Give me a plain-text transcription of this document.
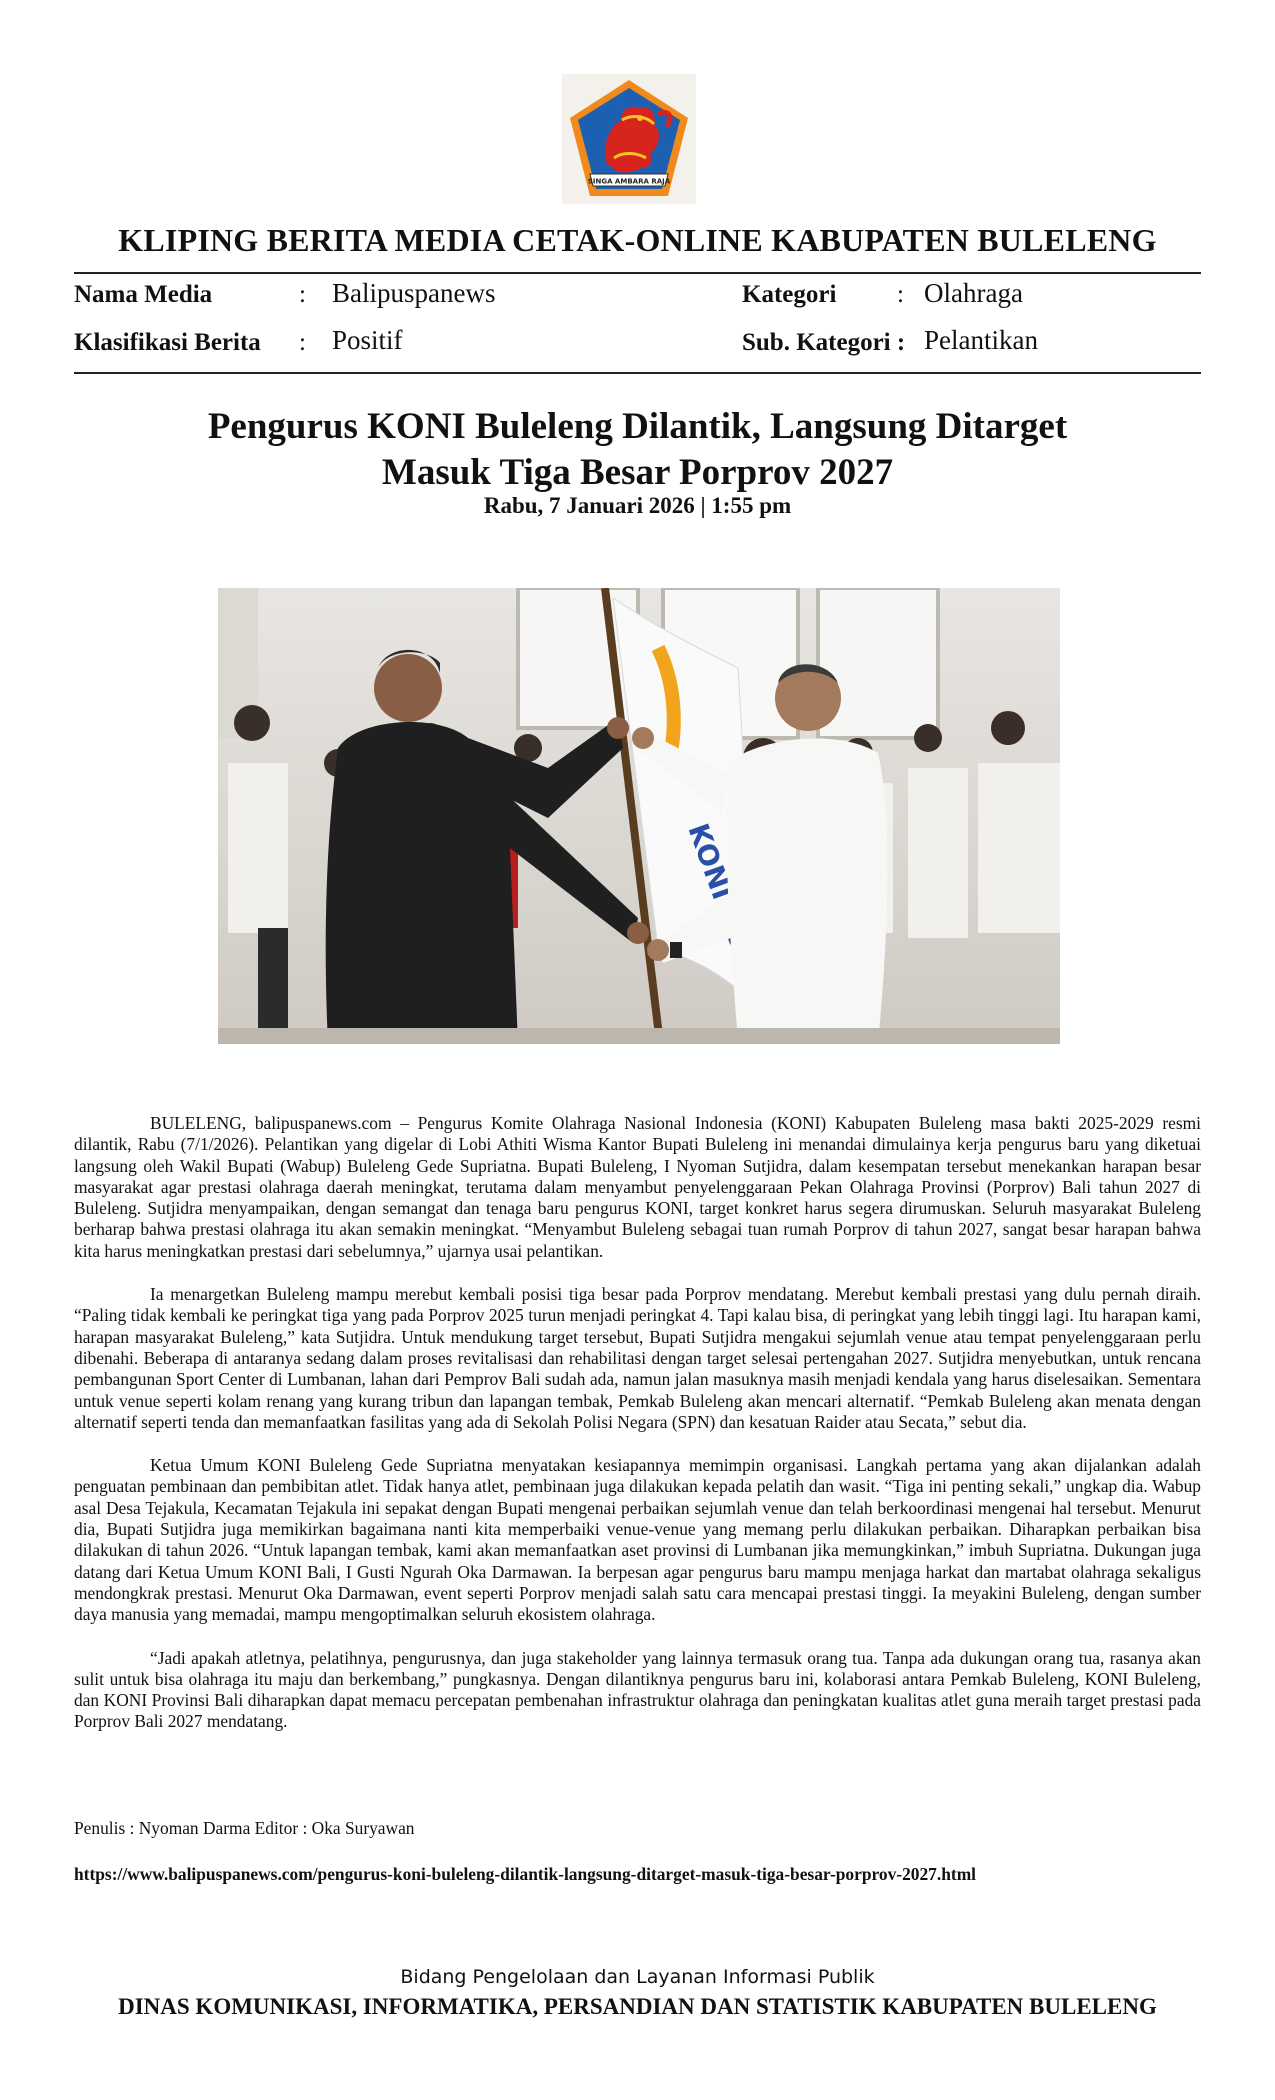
SINGA AMBARA RAJA
KLIPING BERITA MEDIA CETAK-ONLINE KABUPATEN BULELENG
Nama Media	: Balipuspanews	Kategori : Olahraga
Klasifikasi Berita : Positif	Sub. Kategori : Pelantikan
Pengurus KONI Buleleng Dilantik, Langsung Ditarget
Masuk Tiga Besar Porprov 2027
Rabu, 7 Januari 2026 | 1:55 pm
KONI

BULELENG, balipuspanews.com – Pengurus Komite Olahraga Nasional Indonesia (KONI) Kabupaten Buleleng masa bakti 2025-2029 resmi dilantik, Rabu (7/1/2026). Pelantikan yang digelar di Lobi Athiti Wisma Kantor Bupati Buleleng ini menandai dimulainya kerja pengurus baru yang diketuai langsung oleh Wakil Bupati (Wabup) Buleleng Gede Supriatna. Bupati Buleleng, I Nyoman Sutjidra, dalam kesempatan tersebut menekankan harapan besar masyarakat agar prestasi olahraga daerah meningkat, terutama dalam menyambut penyelenggaraan Pekan Olahraga Provinsi (Porprov) Bali tahun 2027 di Buleleng. Sutjidra menyampaikan, dengan semangat dan tenaga baru pengurus KONI, target konkret harus segera dirumuskan. Seluruh masyarakat Buleleng berharap bahwa prestasi olahraga itu akan semakin meningkat. “Menyambut Buleleng sebagai tuan rumah Porprov di tahun 2027, sangat besar harapan bahwa kita harus meningkatkan prestasi dari sebelumnya,” ujarnya usai pelantikan.

Ia menargetkan Buleleng mampu merebut kembali posisi tiga besar pada Porprov mendatang. Merebut kembali prestasi yang dulu pernah diraih. “Paling tidak kembali ke peringkat tiga yang pada Porprov 2025 turun menjadi peringkat 4. Tapi kalau bisa, di peringkat yang lebih tinggi lagi. Itu harapan kami, harapan masyarakat Buleleng,” kata Sutjidra. Untuk mendukung target tersebut, Bupati Sutjidra mengakui sejumlah venue atau tempat penyelenggaraan perlu dibenahi. Beberapa di antaranya sedang dalam proses revitalisasi dan rehabilitasi dengan target selesai pertengahan 2027. Sutjidra menyebutkan, untuk rencana pembangunan Sport Center di Lumbanan, lahan dari Pemprov Bali sudah ada, namun jalan masuknya masih menjadi kendala yang harus diselesaikan. Sementara untuk venue seperti kolam renang yang kurang tribun dan lapangan tembak, Pemkab Buleleng akan mencari alternatif. “Pemkab Buleleng akan menata dengan alternatif seperti tenda dan memanfaatkan fasilitas yang ada di Sekolah Polisi Negara (SPN) dan kesatuan Raider atau Secata,” sebut dia.

Ketua Umum KONI Buleleng Gede Supriatna menyatakan kesiapannya memimpin organisasi. Langkah pertama yang akan dijalankan adalah penguatan pembinaan dan pembibitan atlet. Tidak hanya atlet, pembinaan juga dilakukan kepada pelatih dan wasit. “Tiga ini penting sekali,” ungkap dia. Wabup asal Desa Tejakula, Kecamatan Tejakula ini sepakat dengan Bupati mengenai perbaikan sejumlah venue dan telah berkoordinasi mengenai hal tersebut. Menurut dia, Bupati Sutjidra juga memikirkan bagaimana nanti kita memperbaiki venue-venue yang memang perlu dilakukan perbaikan. Diharapkan perbaikan bisa dilakukan di tahun 2026. “Untuk lapangan tembak, kami akan memanfaatkan aset provinsi di Lumbanan jika memungkinkan,” imbuh Supriatna. Dukungan juga datang dari Ketua Umum KONI Bali, I Gusti Ngurah Oka Darmawan. Ia berpesan agar pengurus baru mampu menjaga harkat dan martabat olahraga sekaligus mendongkrak prestasi. Menurut Oka Darmawan, event seperti Porprov menjadi salah satu cara mencapai prestasi tinggi. Ia meyakini Buleleng, dengan sumber daya manusia yang memadai, mampu mengoptimalkan seluruh ekosistem olahraga.

“Jadi apakah atletnya, pelatihnya, pengurusnya, dan juga stakeholder yang lainnya termasuk orang tua. Tanpa ada dukungan orang tua, rasanya akan sulit untuk bisa olahraga itu maju dan berkembang,” pungkasnya. Dengan dilantiknya pengurus baru ini, kolaborasi antara Pemkab Buleleng, KONI Buleleng, dan KONI Provinsi Bali diharapkan dapat memacu percepatan pembenahan infrastruktur olahraga dan peningkatan kualitas atlet guna meraih target prestasi pada Porprov Bali 2027 mendatang.

Penulis : Nyoman Darma Editor : Oka Suryawan
https://www.balipuspanews.com/pengurus-koni-buleleng-dilantik-langsung-ditarget-masuk-tiga-besar-porprov-2027.html
Bidang Pengelolaan dan Layanan Informasi Publik
DINAS KOMUNIKASI, INFORMATIKA, PERSANDIAN DAN STATISTIK KABUPATEN BULELENG
